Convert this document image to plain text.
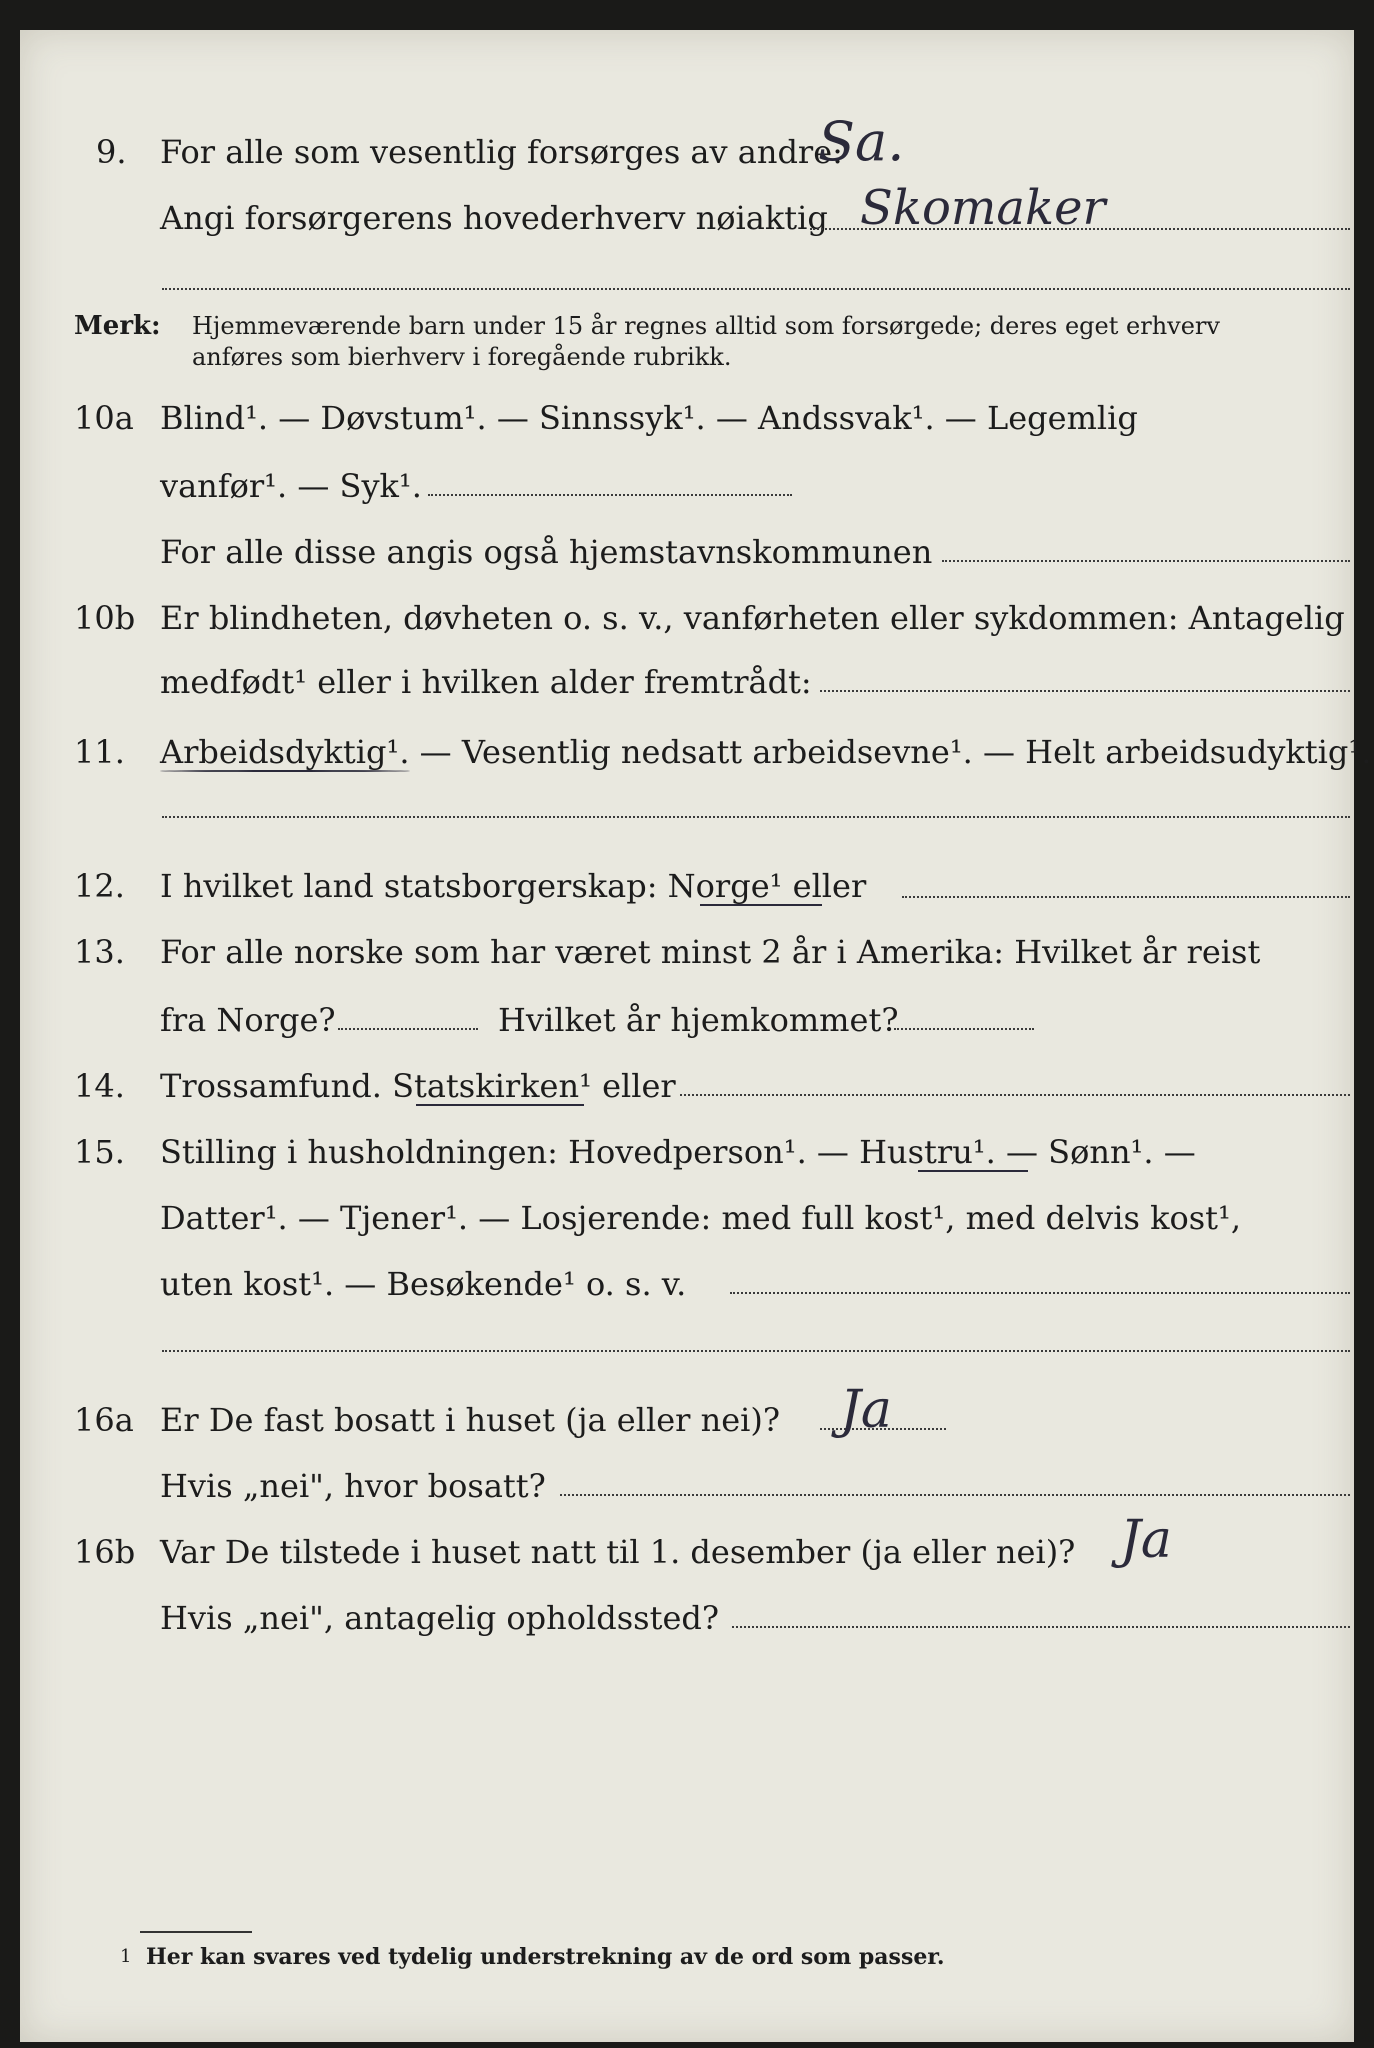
9. For alle som vesentlig forsørges av andre:
Sa.
Angi forsørgerens hovederhverv nøiaktig Skomaker
Merk: Hjemmeværende barn under 15 år regnes alltid som forsørgede; deres eget erhverv
anføres som bierhverv i foregående rubrikk.
10a Blind¹. — Døvstum¹. — Sinnssyk¹. — Andssvak¹. — Legemlig
vanfør¹. — Syk¹.
For alle disse angis også hjemstavnskommunen
10b Er blindheten, døvheten o. s. v., vanførheten eller sykdommen: Antagelig
medfødt¹ eller i hvilken alder fremtrådt:
11. Arbeidsdyktig¹. — Vesentlig nedsatt arbeidsevne¹. — Helt arbeidsudyktig¹.
12. I hvilket land statsborgerskap: Norge¹ eller
13. For alle norske som har været minst 2 år i Amerika: Hvilket år reist
fra Norge?	Hvilket år hjemkommet?
14. Trossamfund. Statskirken¹ eller
15. Stilling i husholdningen: Hovedperson¹. — Hustru¹. — Sønn¹. —
Datter¹. — Tjener¹. — Losjerende: med full kost¹, med delvis kost¹,
uten kost¹. — Besøkende¹ o. s. v.
16a Er De fast bosatt i huset (ja eller nei)? Ja
Hvis „nei", hvor bosatt?
16b Var De tilstede i huset natt til 1. desember (ja eller nei)? Ja
Hvis „nei", antagelig opholdssted?
1 Her kan svares ved tydelig understrekning av de ord som passer.
